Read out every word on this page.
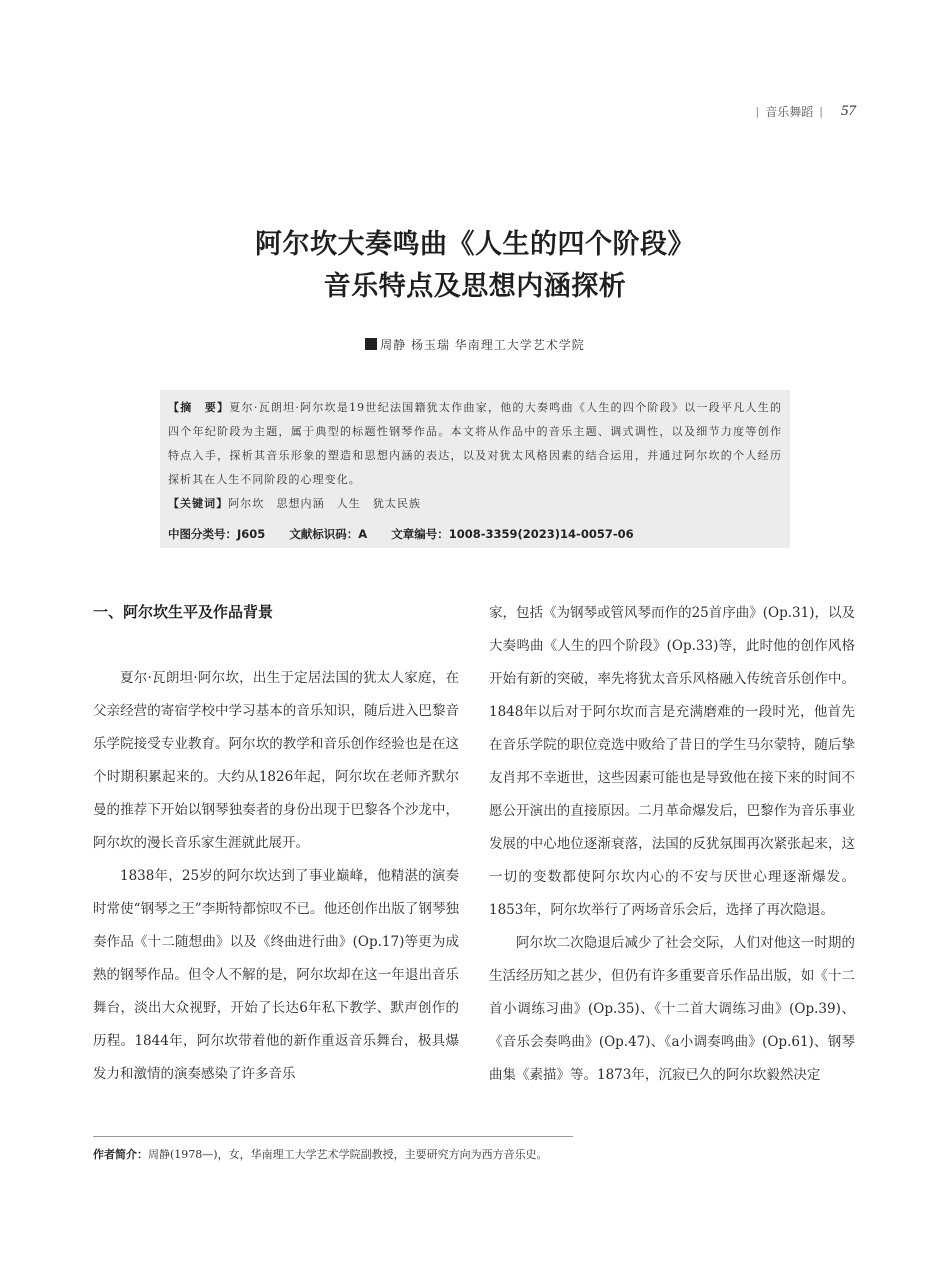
| 音乐舞蹈 | 57
阿尔坎大奏鸣曲《人生的四个阶段》
音乐特点及思想内涵探析
周静 杨玉瑞 华南理工大学艺术学院

【摘　要】夏尔·瓦朗坦·阿尔坎是19世纪法国籍犹太作曲家，他的大奏鸣曲《人生的四个阶段》以一段平凡人生的四个年纪阶段为主题，属于典型的标题性钢琴作品。本文将从作品中的音乐主题、调式调性，以及细节力度等创作特点入手，探析其音乐形象的塑造和思想内涵的表达，以及对犹太风格因素的结合运用，并通过阿尔坎的个人经历探析其在人生不同阶段的心理变化。

【关键词】阿尔坎　思想内涵　人生　犹太民族

中图分类号：J605 文献标识码：A 文章编号：1008-3359(2023)14-0057-06
一、阿尔坎生平及作品背景

夏尔·瓦朗坦·阿尔坎，出生于定居法国的犹太人家庭，在父亲经营的寄宿学校中学习基本的音乐知识，随后进入巴黎音乐学院接受专业教育。阿尔坎的教学和音乐创作经验也是在这个时期积累起来的。大约从1826年起，阿尔坎在老师齐默尔曼的推荐下开始以钢琴独奏者的身份出现于巴黎各个沙龙中，阿尔坎的漫长音乐家生涯就此展开。

1838年，25岁的阿尔坎达到了事业巅峰，他精湛的演奏时常使“钢琴之王”李斯特都惊叹不已。他还创作出版了钢琴独奏作品《十二随想曲》以及《终曲进行曲》(Op.17)等更为成熟的钢琴作品。但令人不解的是，阿尔坎却在这一年退出音乐舞台，淡出大众视野，开始了长达6年私下教学、默声创作的历程。1844年，阿尔坎带着他的新作重返音乐舞台，极具爆发力和激情的演奏感染了许多音乐

家，包括《为钢琴或管风琴而作的25首序曲》(Op.31)，以及大奏鸣曲《人生的四个阶段》(Op.33)等，此时他的创作风格开始有新的突破，率先将犹太音乐风格融入传统音乐创作中。1848年以后对于阿尔坎而言是充满磨难的一段时光，他首先在音乐学院的职位竞选中败给了昔日的学生马尔蒙特，随后挚友肖邦不幸逝世，这些因素可能也是导致他在接下来的时间不愿公开演出的直接原因。二月革命爆发后，巴黎作为音乐事业发展的中心地位逐渐衰落，法国的反犹氛围再次紧张起来，这一切的变数都使阿尔坎内心的不安与厌世心理逐渐爆发。1853年，阿尔坎举行了两场音乐会后，选择了再次隐退。

阿尔坎二次隐退后减少了社会交际，人们对他这一时期的生活经历知之甚少，但仍有许多重要音乐作品出版，如《十二首小调练习曲》(Op.35)、《十二首大调练习曲》(Op.39)、《音乐会奏鸣曲》(Op.47)、《a小调奏鸣曲》(Op.61)、钢琴曲集《素描》等。1873年，沉寂已久的阿尔坎毅然决定

作者简介：周静(1978—)，女，华南理工大学艺术学院副教授，主要研究方向为西方音乐史。
